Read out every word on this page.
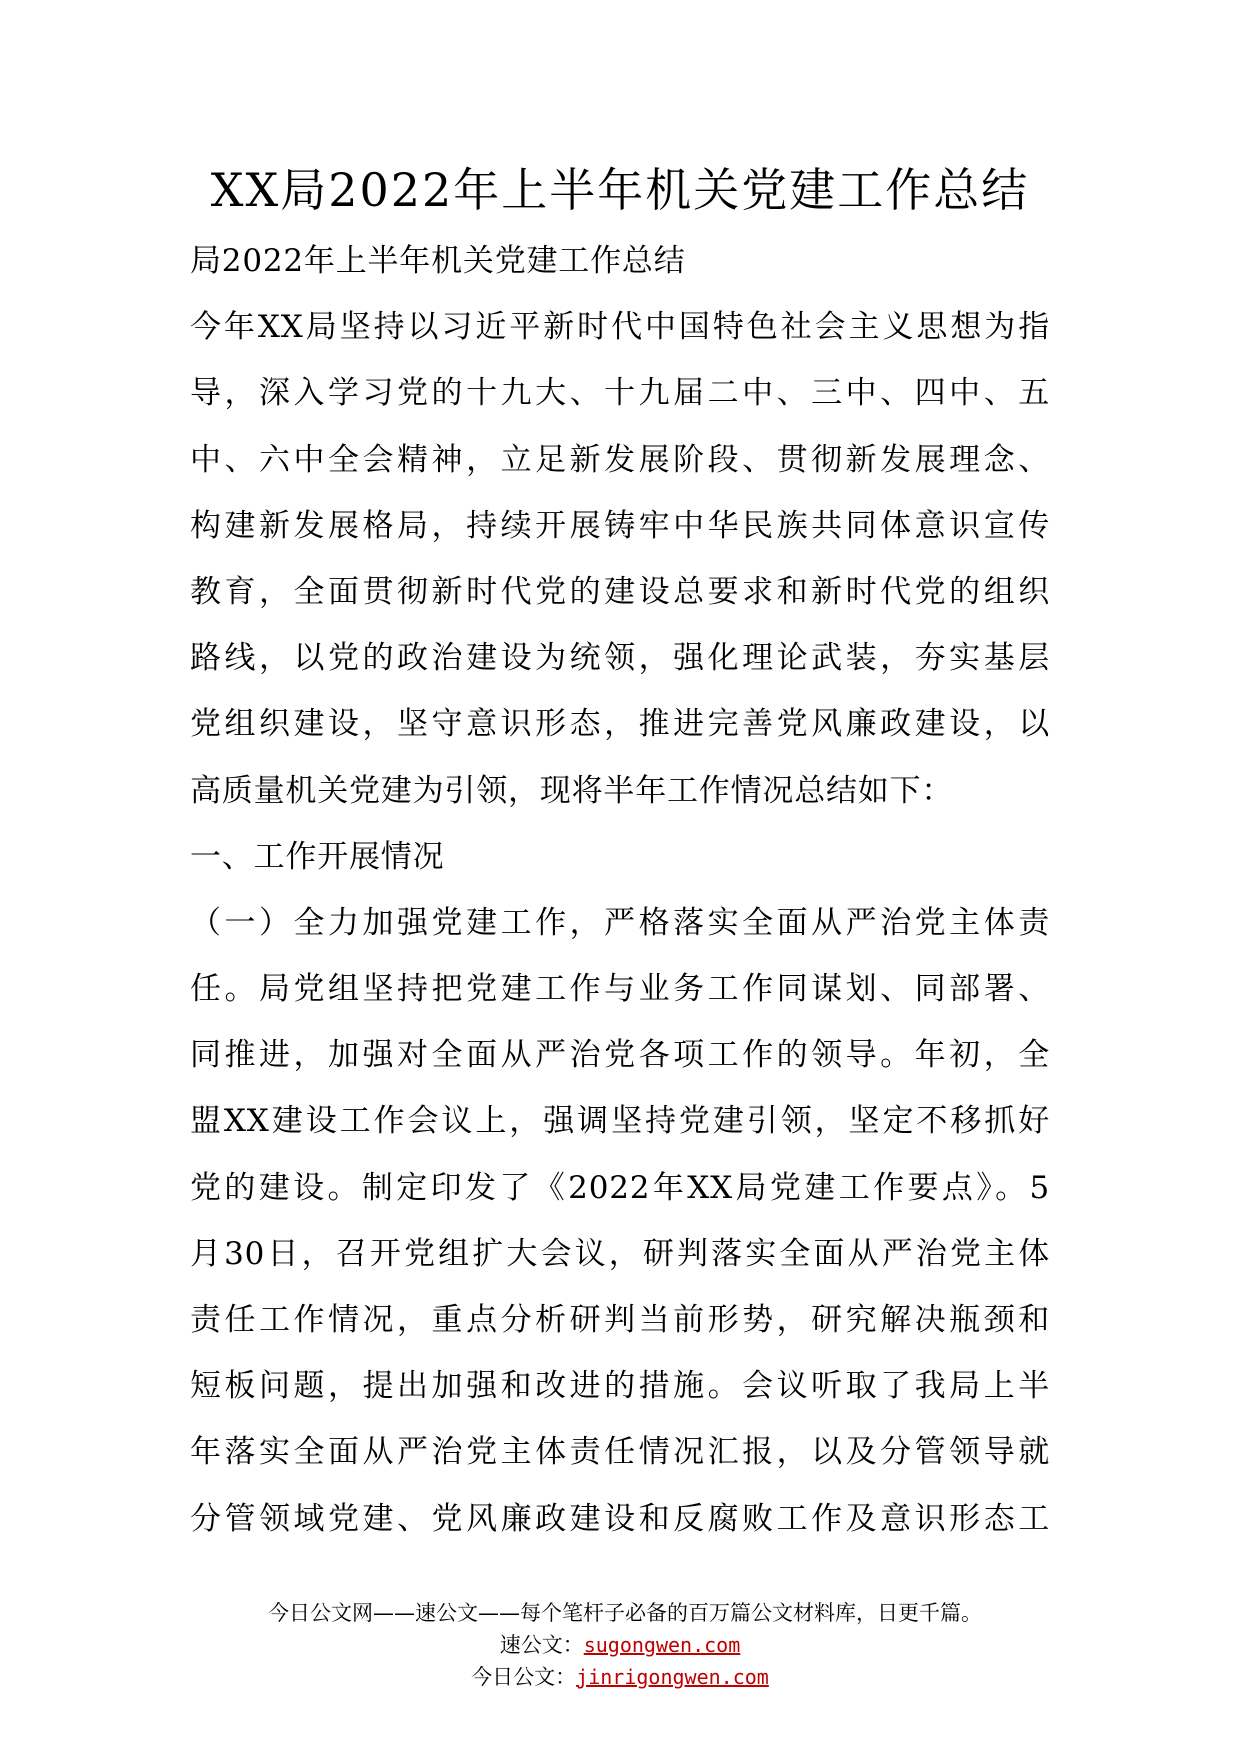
XX局2022年上半年机关党建工作总结
局2022年上半年机关党建工作总结
今年XX局坚持以习近平新时代中国特色社会主义思想为指
导，深入学习党的十九大、十九届二中、三中、四中、五
中、六中全会精神，立足新发展阶段、贯彻新发展理念、
构建新发展格局，持续开展铸牢中华民族共同体意识宣传
教育，全面贯彻新时代党的建设总要求和新时代党的组织
路线，以党的政治建设为统领，强化理论武装，夯实基层
党组织建设，坚守意识形态，推进完善党风廉政建设，以
高质量机关党建为引领，现将半年工作情况总结如下：
一、工作开展情况
（一）全力加强党建工作，严格落实全面从严治党主体责
任。局党组坚持把党建工作与业务工作同谋划、同部署、
同推进，加强对全面从严治党各项工作的领导。年初，全
盟XX建设工作会议上，强调坚持党建引领，坚定不移抓好
党的建设。制定印发了《2022年XX局党建工作要点》。5
月30日，召开党组扩大会议，研判落实全面从严治党主体
责任工作情况，重点分析研判当前形势，研究解决瓶颈和
短板问题，提出加强和改进的措施。会议听取了我局上半
年落实全面从严治党主体责任情况汇报，以及分管领导就
分管领域党建、党风廉政建设和反腐败工作及意识形态工
今日公文网——速公文——每个笔杆子必备的百万篇公文材料库，日更千篇。
速公文：sugongwen.com
今日公文：jinrigongwen.com
